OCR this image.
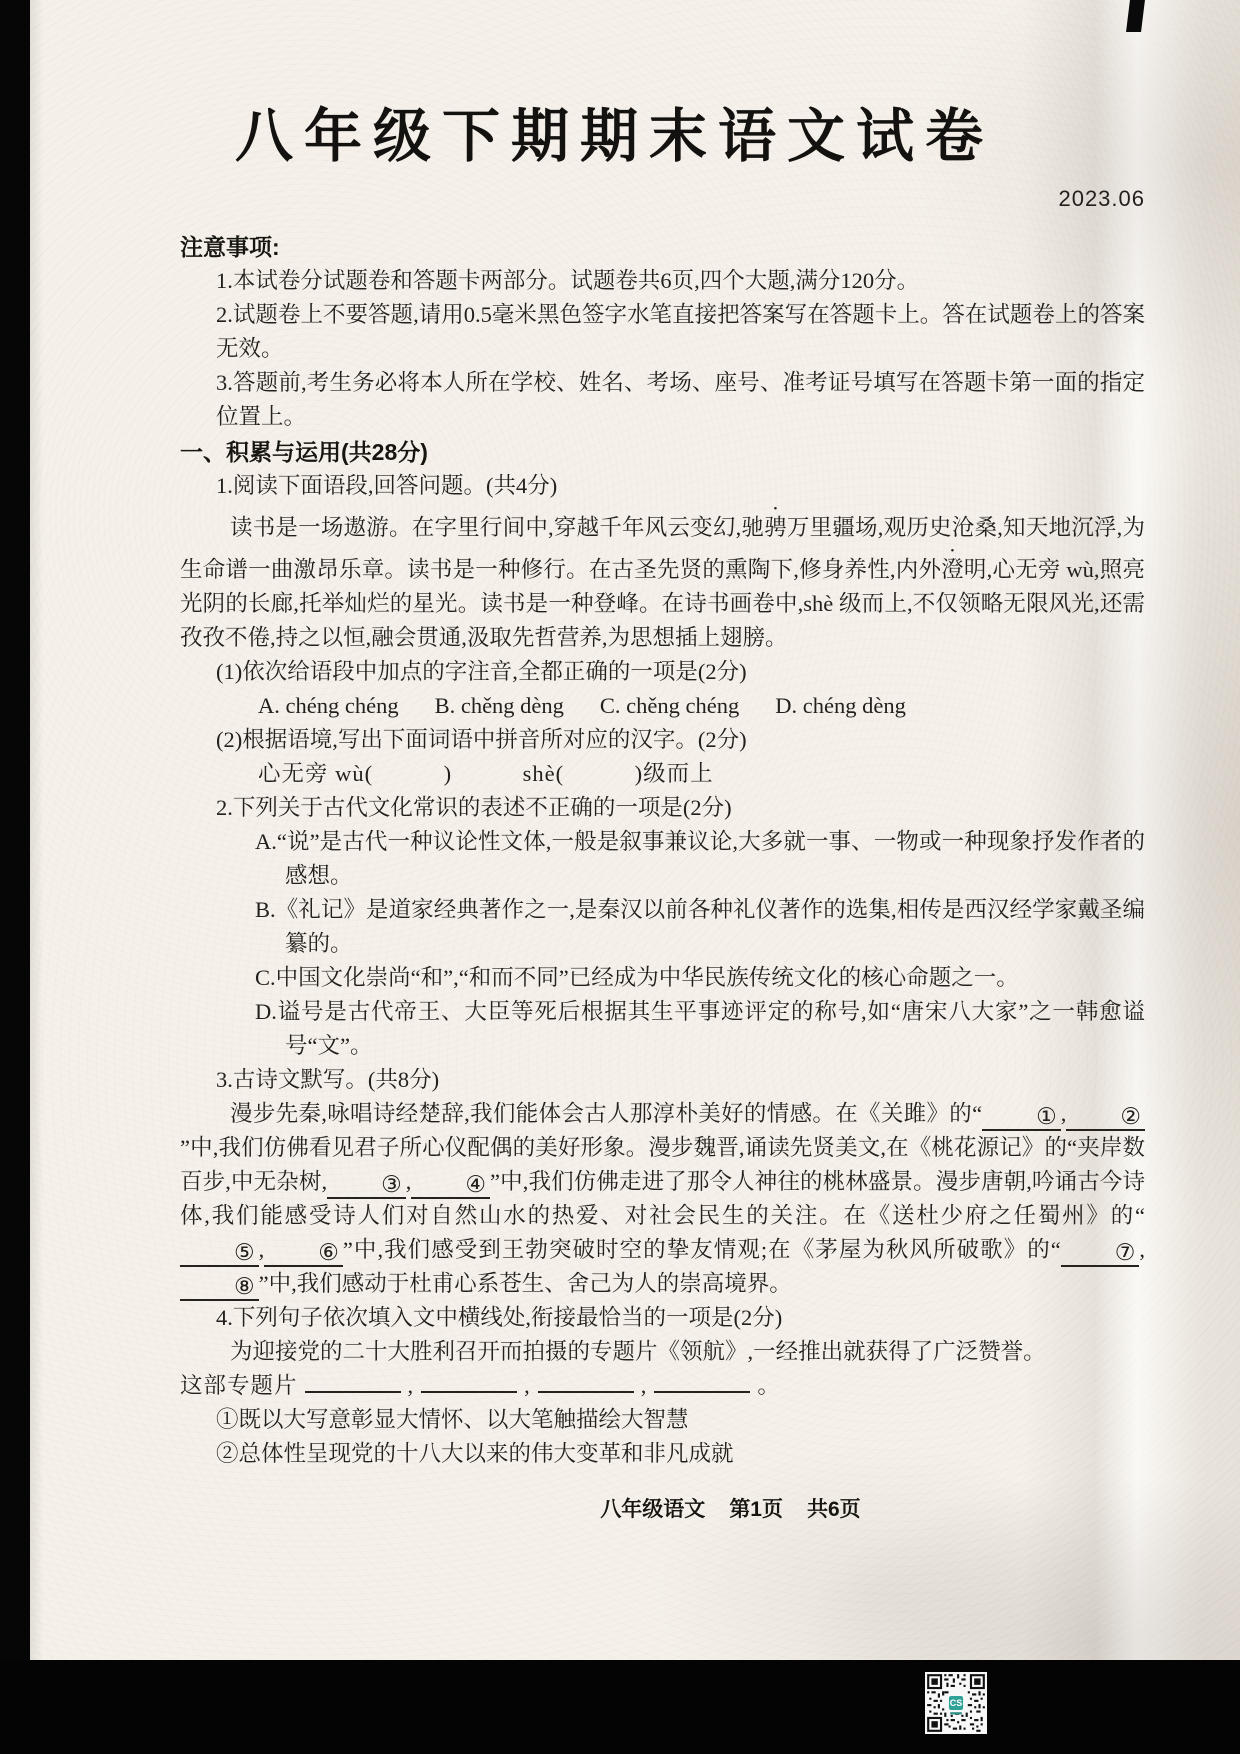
八年级下期期末语文试卷
2023.06
注意事项:
1.本试卷分试题卷和答题卡两部分。试题卷共6页,四个大题,满分120分。
2.试题卷上不要答题,请用0.5毫米黑色签字水笔直接把答案写在答题卡上。答在试题卷上的答案无效。
3.答题前,考生务必将本人所在学校、姓名、考场、座号、准考证号填写在答题卡第一面的指定位置上。
一、积累与运用(共28分)
1.阅读下面语段,回答问题。(共4分)
读书是一场遨游。在字里行间中,穿越千年风云变幻,驰骋万里疆场,观历史沧桑,知天地沉浮,为生命谱一曲激昂乐章。读书是一种修行。在古圣先贤的熏陶下,修身养性,内外澄明,心无旁 wù,照亮光阴的长廊,托举灿烂的星光。读书是一种登峰。在诗书画卷中,shè 级而上,不仅领略无限风光,还需孜孜不倦,持之以恒,融会贯通,汲取先哲营养,为思想插上翅膀。
(1)依次给语段中加点的字注音,全都正确的一项是(2分)
A. chéng chéng B. chěng dèng C. chěng chéng D. chéng dèng
(2)根据语境,写出下面词语中拼音所对应的汉字。(2分)
心无旁 wù(　　　)　　　shè(　　　)级而上
2.下列关于古代文化常识的表述不正确的一项是(2分)
A.“说”是古代一种议论性文体,一般是叙事兼议论,大多就一事、一物或一种现象抒发作者的感想。
B.《礼记》是道家经典著作之一,是秦汉以前各种礼仪著作的选集,相传是西汉经学家戴圣编纂的。
C.中国文化崇尚“和”,“和而不同”已经成为中华民族传统文化的核心命题之一。
D.谥号是古代帝王、大臣等死后根据其生平事迹评定的称号,如“唐宋八大家”之一韩愈谥号“文”。
3.古诗文默写。(共8分)
漫步先秦,咏唱诗经楚辞,我们能体会古人那淳朴美好的情感。在《关雎》的“ ① , ②”中,我们仿佛看见君子所心仪配偶的美好形象。漫步魏晋,诵读先贤美文,在《桃花源记》的“夹岸数百步,中无杂树, ③ , ④ ”中,我们仿佛走进了那令人神往的桃林盛景。漫步唐朝,吟诵古今诗体,我们能感受诗人们对自然山水的热爱、对社会民生的关注。在《送杜少府之任蜀州》的“⑤ , ⑥ ”中,我们感受到王勃突破时空的挚友情观;在《茅屋为秋风所破歌》的“ ⑦ ,⑧ ”中,我们感动于杜甫心系苍生、舍己为人的崇高境界。
4.下列句子依次填入文中横线处,衔接最恰当的一项是(2分)
为迎接党的二十大胜利召开而拍摄的专题片《领航》,一经推出就获得了广泛赞誉。
这部专题片	,	,	,	。
①既以大写意彰显大情怀、以大笔触描绘大智慧
②总体性呈现党的十八大以来的伟大变革和非凡成就
八年级语文 第1页 共6页
CS
